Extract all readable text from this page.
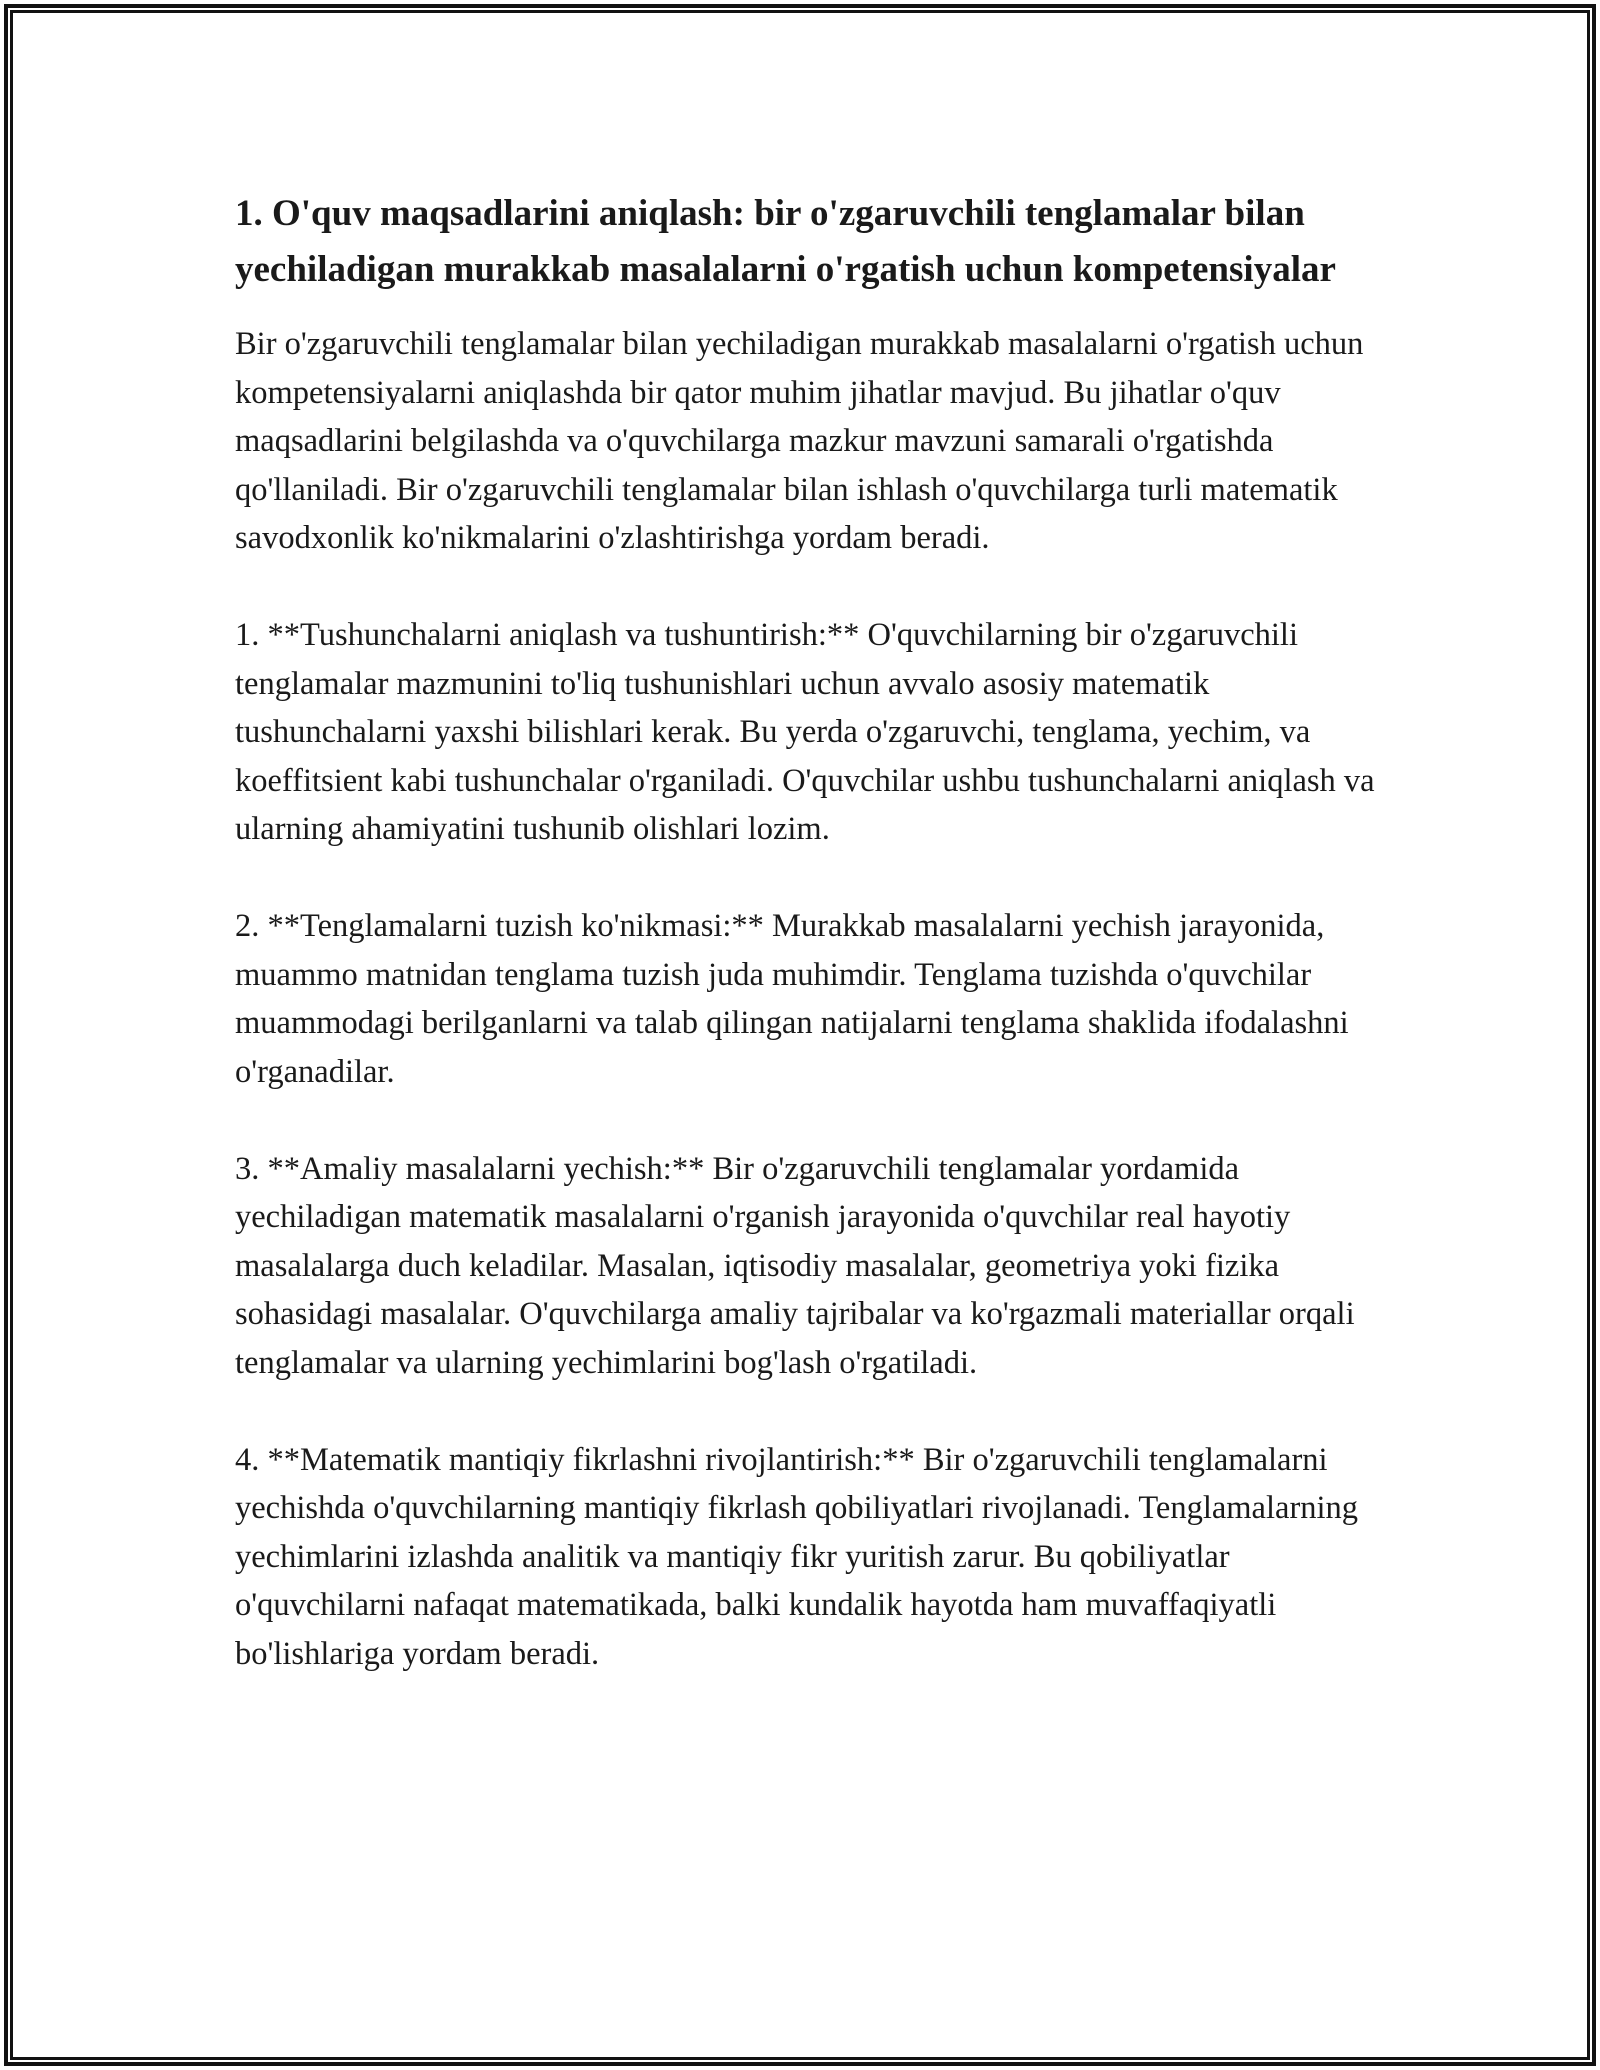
1. O'quv maqsadlarini aniqlash: bir o'zgaruvchili tenglamalar bilan yechiladigan murakkab masalalarni o'rgatish uchun kompetensiyalar

Bir o'zgaruvchili tenglamalar bilan yechiladigan murakkab masalalarni o'rgatish uchun kompetensiyalarni aniqlashda bir qator muhim jihatlar mavjud. Bu jihatlar o'quv maqsadlarini belgilashda va o'quvchilarga mazkur mavzuni samarali o'rgatishda qo'llaniladi. Bir o'zgaruvchili tenglamalar bilan ishlash o'quvchilarga turli matematik savodxonlik ko'nikmalarini o'zlashtirishga yordam beradi.

1. **Tushunchalarni aniqlash va tushuntirish:** O'quvchilarning bir o'zgaruvchili tenglamalar mazmunini to'liq tushunishlari uchun avvalo asosiy matematik tushunchalarni yaxshi bilishlari kerak. Bu yerda o'zgaruvchi, tenglama, yechim, va koeffitsient kabi tushunchalar o'rganiladi. O'quvchilar ushbu tushunchalarni aniqlash va ularning ahamiyatini tushunib olishlari lozim.

2. **Tenglamalarni tuzish ko'nikmasi:** Murakkab masalalarni yechish jarayonida, muammo matnidan tenglama tuzish juda muhimdir. Tenglama tuzishda o'quvchilar muammodagi berilganlarni va talab qilingan natijalarni tenglama shaklida ifodalashni o'rganadilar.

3. **Amaliy masalalarni yechish:** Bir o'zgaruvchili tenglamalar yordamida yechiladigan matematik masalalarni o'rganish jarayonida o'quvchilar real hayotiy masalalarga duch keladilar. Masalan, iqtisodiy masalalar, geometriya yoki fizika sohasidagi masalalar. O'quvchilarga amaliy tajribalar va ko'rgazmali materiallar orqali tenglamalar va ularning yechimlarini bog'lash o'rgatiladi.

4. **Matematik mantiqiy fikrlashni rivojlantirish:** Bir o'zgaruvchili tenglamalarni yechishda o'quvchilarning mantiqiy fikrlash qobiliyatlari rivojlanadi. Tenglamalarning yechimlarini izlashda analitik va mantiqiy fikr yuritish zarur. Bu qobiliyatlar o'quvchilarni nafaqat matematikada, balki kundalik hayotda ham muvaffaqiyatli bo'lishlariga yordam beradi.
